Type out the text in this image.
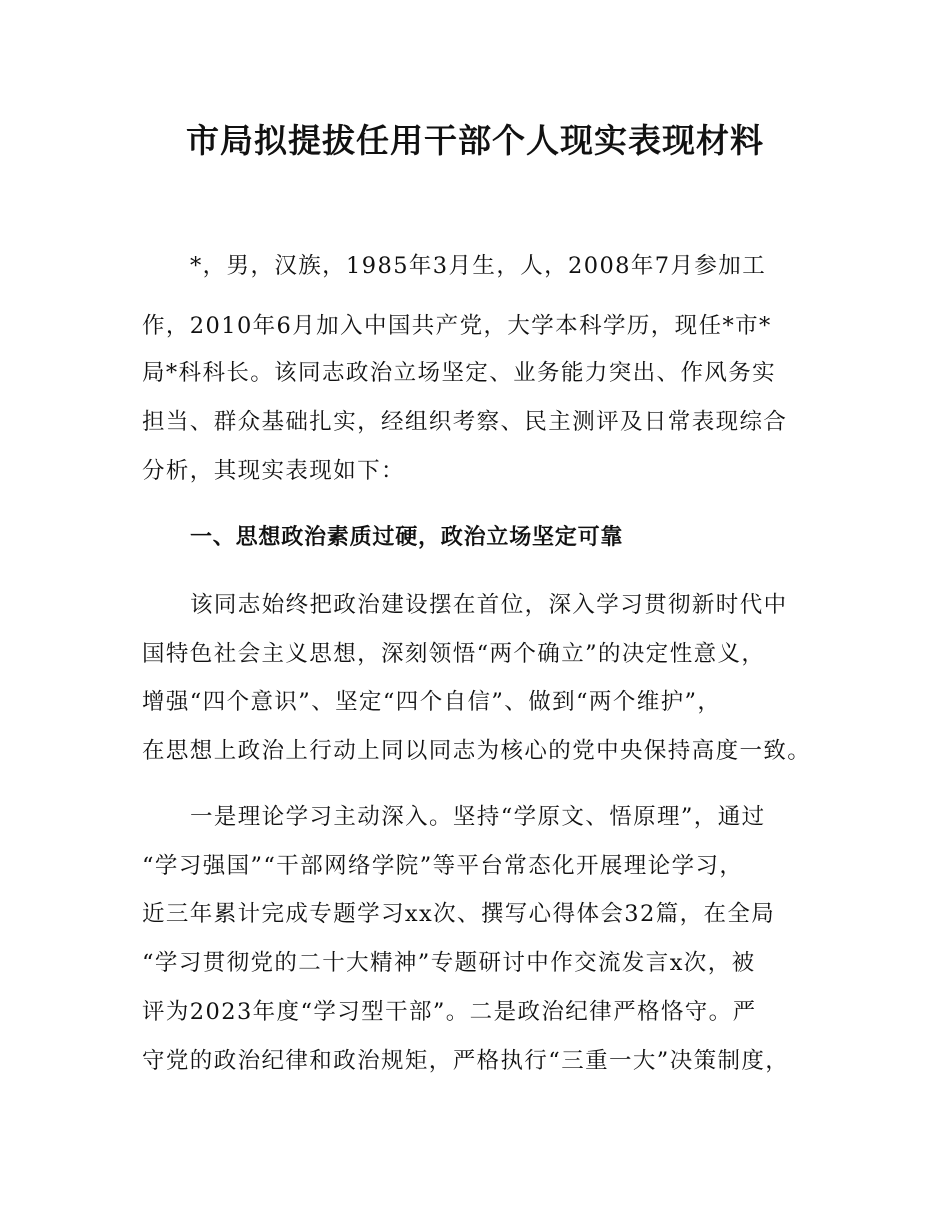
市局拟提拔任用干部个人现实表现材料
*，男，汉族，1985年3月生，人，2008年7月参加工
作，2010年6月加入中国共产党，大学本科学历，现任*市*
局*科科长。该同志政治立场坚定、业务能力突出、作风务实
担当、群众基础扎实，经组织考察、民主测评及日常表现综合
分析，其现实表现如下：
一、思想政治素质过硬，政治立场坚定可靠
该同志始终把政治建设摆在首位，深入学习贯彻新时代中
国特色社会主义思想，深刻领悟“两个确立”的决定性意义，
增强“四个意识”、坚定“四个自信”、做到“两个维护”，
在思想上政治上行动上同以同志为核心的党中央保持高度一致。
一是理论学习主动深入。坚持“学原文、悟原理”，通过
“学习强国”“干部网络学院”等平台常态化开展理论学习，
近三年累计完成专题学习xx次、撰写心得体会32篇，在全局
“学习贯彻党的二十大精神”专题研讨中作交流发言x次，被
评为2023年度“学习型干部”。二是政治纪律严格恪守。严
守党的政治纪律和政治规矩，严格执行“三重一大”决策制度，
